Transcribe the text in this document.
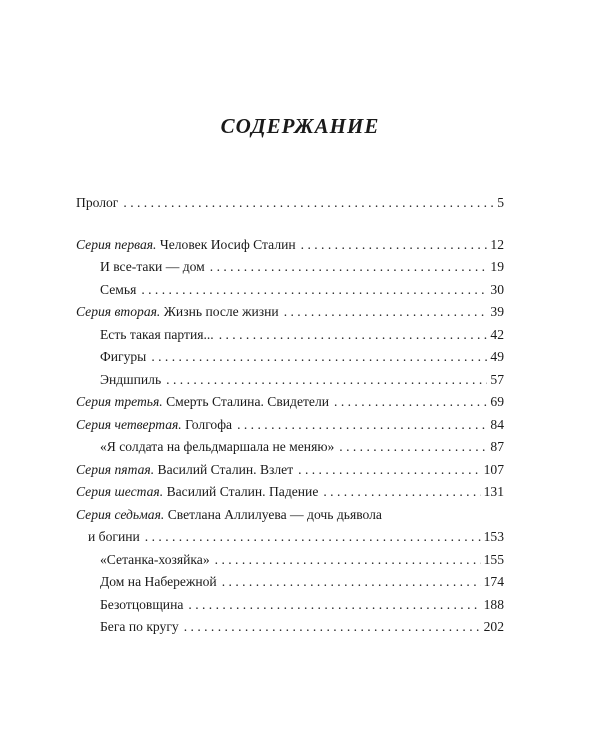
СОДЕРЖАНИЕ
Пролог . . .	5
Серия первая. Человек Иосиф Сталин . . .	12
И все-таки — дом . . .	19
Семья . . .	30
Серия вторая. Жизнь после жизни . . .	39
Есть такая партия... . . .	42
Фигуры . . .	49
Эндшпиль . . .	57
Серия третья. Смерть Сталина. Свидетели . . .	69
Серия четвертая. Голгофа . . .	84
«Я солдата на фельдмаршала не меняю» . . .	87
Серия пятая. Василий Сталин. Взлет . . .	107
Серия шестая. Василий Сталин. Падение . . .	131
Серия седьмая. Светлана Аллилуева — дочь дьявола
и богини . . .	153
«Сетанка-хозяйка» . . .	155
Дом на Набережной . . .	174
Безотцовщина . . .	188
Бега по кругу . . .	202
